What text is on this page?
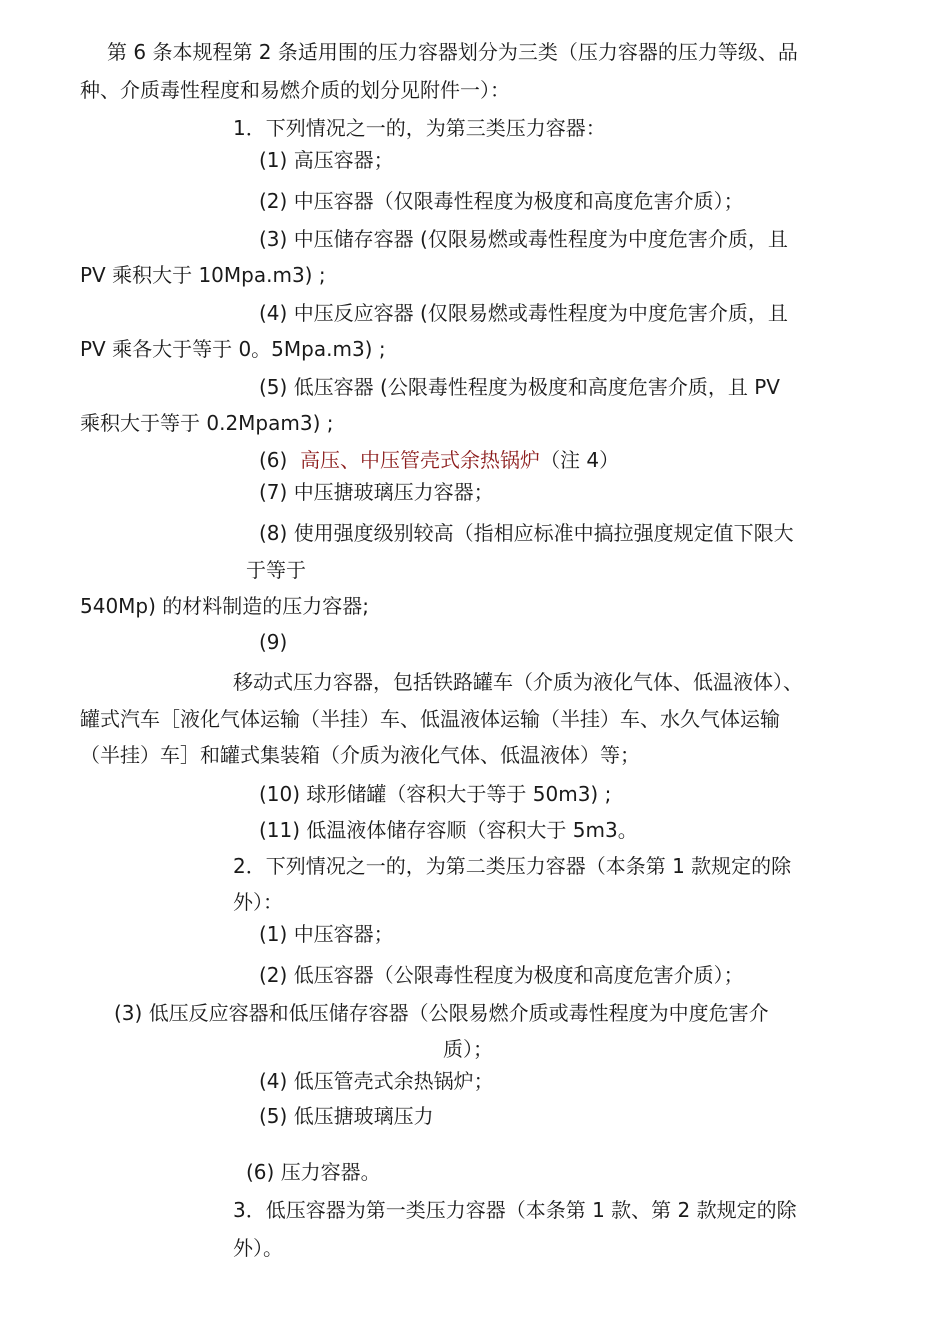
第 6 条本规程第 2 条适用围的压力容器划分为三类（压力容器的压力等级、品
种、介质毒性程度和易燃介质的划分见附件一）：
1．下列情况之一的，为第三类压力容器：
(1) 高压容器；
(2) 中压容器（仅限毒性程度为极度和高度危害介质）；
(3) 中压储存容器 (仅限易燃或毒性程度为中度危害介质，且
PV 乘积大于 10Mpa.m3) ;
(4) 中压反应容器 (仅限易燃或毒性程度为中度危害介质，且
PV 乘各大于等于 0。5Mpa.m3) ;
(5) 低压容器 (公限毒性程度为极度和高度危害介质，且 PV
乘积大于等于 0.2Mpam3) ;
(6) 高压、中压管壳式余热锅炉（注 4）
(7) 中压搪玻璃压力容器；
(8) 使用强度级别较高（指相应标准中搞拉强度规定值下限大
于等于
540Mp) 的材料制造的压力容器;
(9)
移动式压力容器，包括铁路罐车（介质为液化气体、低温液体）、
罐式汽车［液化气体运输（半挂）车、低温液体运输（半挂）车、水久气体运输
（半挂）车］和罐式集装箱（介质为液化气体、低温液体）等；
(10) 球形储罐（容积大于等于 50m3) ;
(11) 低温液体储存容顺（容积大于 5m3。
2．下列情况之一的，为第二类压力容器（本条第 1 款规定的除
外）：
(1) 中压容器；
(2) 低压容器（公限毒性程度为极度和高度危害介质）；
(3) 低压反应容器和低压储存容器（公限易燃介质或毒性程度为中度危害介
质）；
(4) 低压管壳式余热锅炉；
(5) 低压搪玻璃压力
(6) 压力容器。
3．低压容器为第一类压力容器（本条第 1 款、第 2 款规定的除
外）。
